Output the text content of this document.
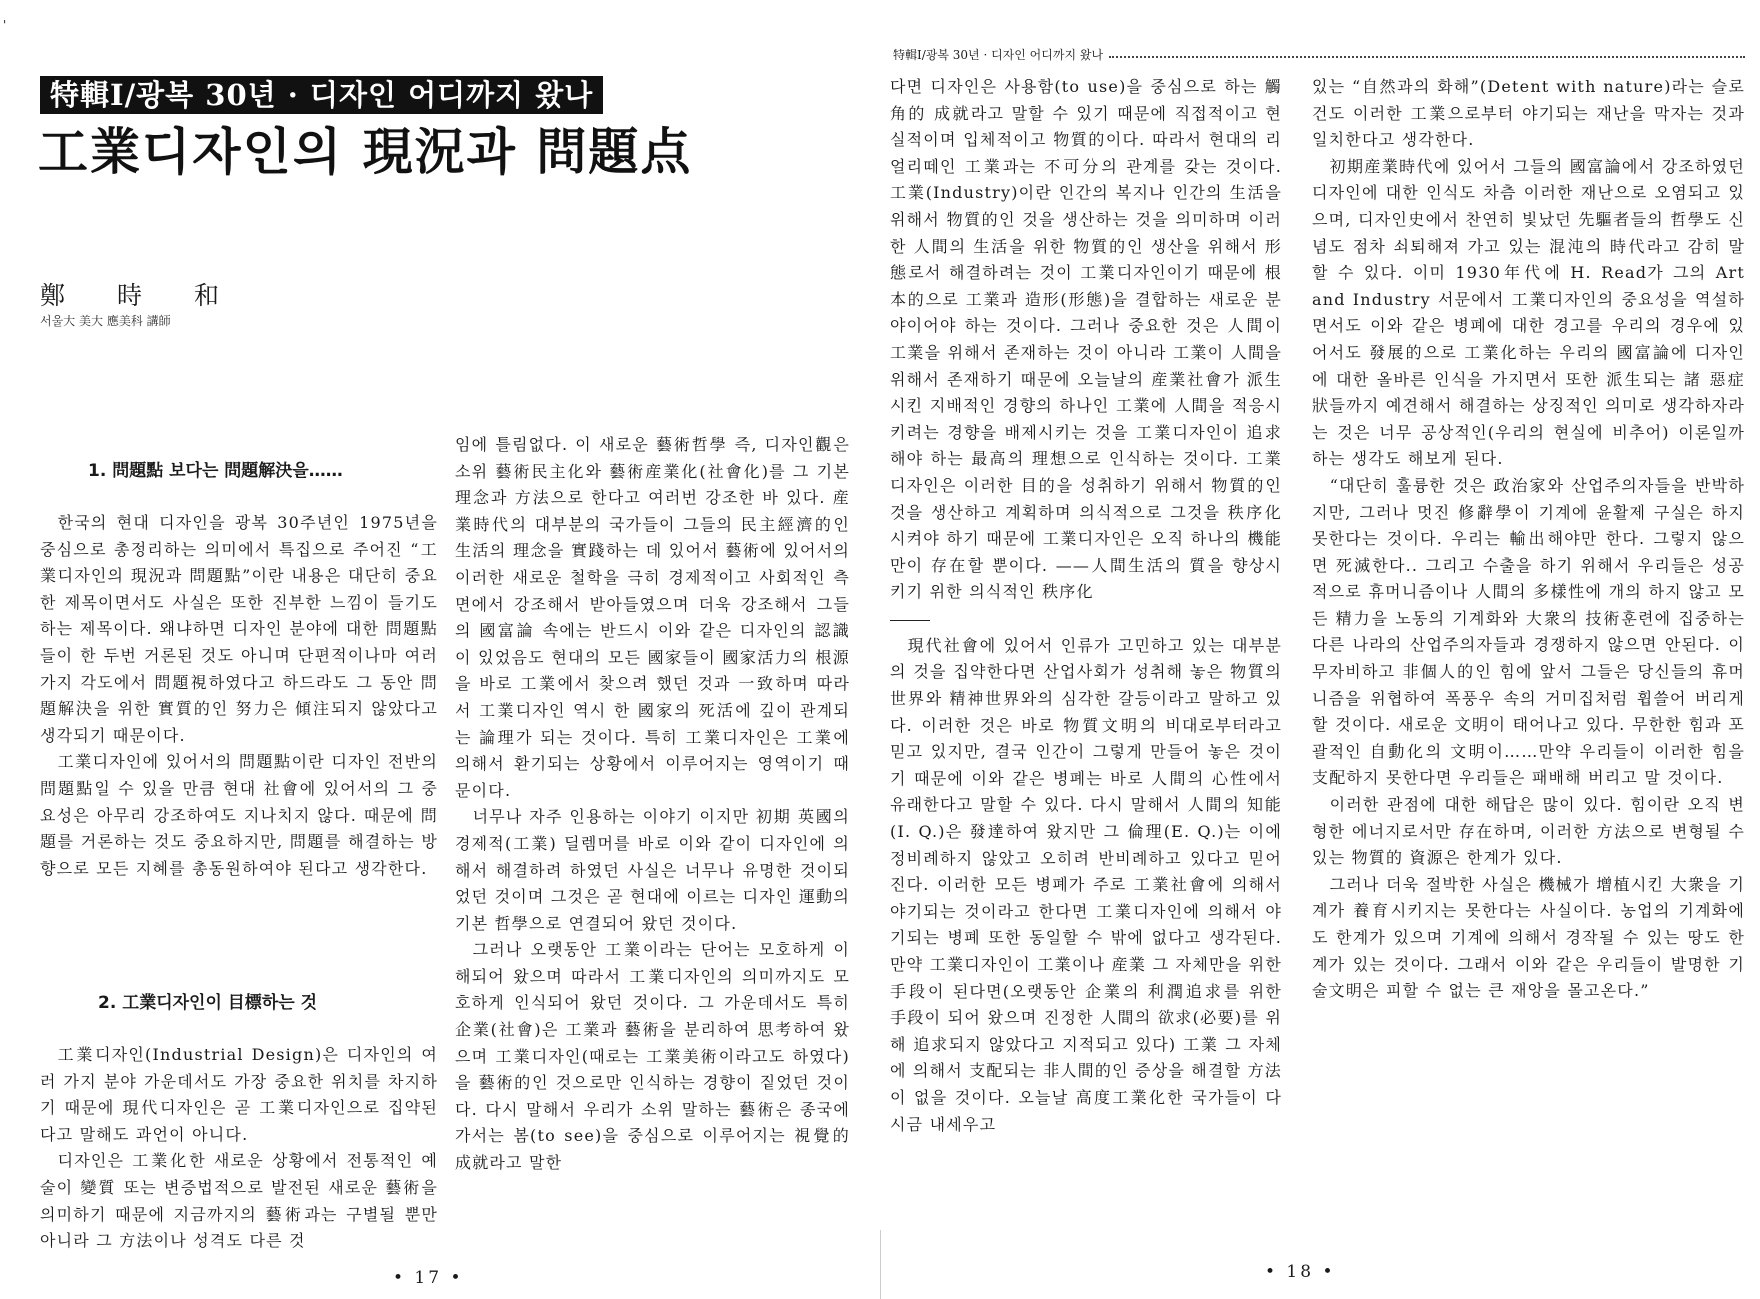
'
特輯Ⅰ/광복 30년 · 디자인 어디까지 왔나
工業디자인의 現況과 問題点
鄭 時 和
서울大 美大 應美科 講師
1. 問題點 보다는 問題解決을……

한국의 현대 디자인을 광복 30주년인 1975년을 중심으로 총정리하는 의미에서 특집으로 주어진 “工業디자인의 現況과 問題點”이란 내용은 대단히 중요한 제목이면서도 사실은 또한 진부한 느낌이 들기도 하는 제목이다. 왜냐하면 디자인 분야에 대한 問題點들이 한 두번 거론된 것도 아니며 단편적이나마 여러 가지 각도에서 問題視하였다고 하드라도 그 동안 問題解決을 위한 實質的인 努力은 傾注되지 않았다고 생각되기 때문이다.

工業디자인에 있어서의 問題點이란 디자인 전반의 問題點일 수 있을 만큼 현대 社會에 있어서의 그 중요성은 아무리 강조하여도 지나치지 않다. 때문에 問題를 거론하는 것도 중요하지만, 問題를 해결하는 방향으로 모든 지혜를 총동원하여야 된다고 생각한다.

2. 工業디자인이 目標하는 것

工業디자인(Industrial Design)은 디자인의 여러 가지 분야 가운데서도 가장 중요한 위치를 차지하기 때문에 現代디자인은 곧 工業디자인으로 집약된다고 말해도 과언이 아니다.

디자인은 工業化한 새로운 상황에서 전통적인 예술이 變質 또는 변증법적으로 발전된 새로운 藝術을 의미하기 때문에 지금까지의 藝術과는 구별될 뿐만 아니라 그 方法이나 성격도 다른 것

임에 틀림없다. 이 새로운 藝術哲學 즉, 디자인觀은 소위 藝術民主化와 藝術産業化(社會化)를 그 기본 理念과 方法으로 한다고 여러번 강조한 바 있다. 産業時代의 대부분의 국가들이 그들의 民主經濟的인 生活의 理念을 實踐하는 데 있어서 藝術에 있어서의 이러한 새로운 철학을 극히 경제적이고 사회적인 측면에서 강조해서 받아들였으며 더욱 강조해서 그들의 國富論 속에는 반드시 이와 같은 디자인의 認識이 있었음도 현대의 모든 國家들이 國家活力의 根源을 바로 工業에서 찾으려 했던 것과 一致하며 따라서 工業디자인 역시 한 國家의 死活에 깊이 관계되는 論理가 되는 것이다. 특히 工業디자인은 工業에 의해서 환기되는 상황에서 이루어지는 영역이기 때문이다.

너무나 자주 인용하는 이야기 이지만 初期 英國의 경제적(工業) 딜렘머를 바로 이와 같이 디자인에 의해서 해결하려 하였던 사실은 너무나 유명한 것이되었던 것이며 그것은 곧 현대에 이르는 디자인 運動의 기본 哲學으로 연결되어 왔던 것이다.

그러나 오랫동안 工業이라는 단어는 모호하게 이해되어 왔으며 따라서 工業디자인의 의미까지도 모호하게 인식되어 왔던 것이다. 그 가운데서도 특히 企業(社會)은 工業과 藝術을 분리하여 思考하여 왔으며 工業디자인(때로는 工業美術이라고도 하였다)을 藝術的인 것으로만 인식하는 경향이 짙었던 것이다. 다시 말해서 우리가 소위 말하는 藝術은 종국에 가서는 봄(to see)을 중심으로 이루어지는 視覺的 成就라고 말한

• 17 •
特輯Ⅰ/광복 30년 · 디자인 어디까지 왔나

다면 디자인은 사용함(to use)을 중심으로 하는 觸角的 成就라고 말할 수 있기 때문에 직접적이고 현실적이며 입체적이고 物質的이다. 따라서 현대의 리얼리떼인 工業과는 不可分의 관계를 갖는 것이다. 工業(Industry)이란 인간의 복지나 인간의 生活을 위해서 物質的인 것을 생산하는 것을 의미하며 이러한 人間의 生活을 위한 物質的인 생산을 위해서 形態로서 해결하려는 것이 工業디자인이기 때문에 根本的으로 工業과 造形(形態)을 결합하는 새로운 분야이어야 하는 것이다. 그러나 중요한 것은 人間이 工業을 위해서 존재하는 것이 아니라 工業이 人間을 위해서 존재하기 때문에 오늘날의 産業社會가 派生시킨 지배적인 경향의 하나인 工業에 人間을 적응시키려는 경향을 배제시키는 것을 工業디자인이 追求해야 하는 最高의 理想으로 인식하는 것이다. 工業디자인은 이러한 目的을 성취하기 위해서 物質的인 것을 생산하고 계획하며 의식적으로 그것을 秩序化시켜야 하기 때문에 工業디자인은 오직 하나의 機能만이 存在할 뿐이다. ——人間生活의 質을 향상시키기 위한 의식적인 秩序化

現代社會에 있어서 인류가 고민하고 있는 대부분의 것을 집약한다면 산업사회가 성취해 놓은 物質의 世界와 精神世界와의 심각한 갈등이라고 말하고 있다. 이러한 것은 바로 物質文明의 비대로부터라고 믿고 있지만, 결국 인간이 그렇게 만들어 놓은 것이기 때문에 이와 같은 병폐는 바로 人間의 心性에서 유래한다고 말할 수 있다. 다시 말해서 人間의 知能(I. Q.)은 發達하여 왔지만 그 倫理(E. Q.)는 이에 정비례하지 않았고 오히려 반비례하고 있다고 믿어진다. 이러한 모든 병폐가 주로 工業社會에 의해서 야기되는 것이라고 한다면 工業디자인에 의해서 야기되는 병폐 또한 동일할 수 밖에 없다고 생각된다. 만약 工業디자인이 工業이나 産業 그 자체만을 위한 手段이 된다면(오랫동안 企業의 利潤追求를 위한 手段이 되어 왔으며 진정한 人間의 欲求(必要)를 위해 追求되지 않았다고 지적되고 있다) 工業 그 자체에 의해서 支配되는 非人間的인 증상을 해결할 方法이 없을 것이다. 오늘날 高度工業化한 국가들이 다시금 내세우고

있는 “自然과의 화해”(Detent with nature)라는 슬로건도 이러한 工業으로부터 야기되는 재난을 막자는 것과 일치한다고 생각한다.

初期産業時代에 있어서 그들의 國富論에서 강조하였던 디자인에 대한 인식도 차츰 이러한 재난으로 오염되고 있으며, 디자인史에서 찬연히 빛났던 先驅者들의 哲學도 신념도 점차 쇠퇴해져 가고 있는 混沌의 時代라고 감히 말할 수 있다. 이미 1930年代에 H. Read가 그의 Art and Industry 서문에서 工業디자인의 중요성을 역설하면서도 이와 같은 병폐에 대한 경고를 우리의 경우에 있어서도 發展的으로 工業化하는 우리의 國富論에 디자인에 대한 올바른 인식을 가지면서 또한 派生되는 諸 惡症狀들까지 예견해서 해결하는 상징적인 의미로 생각하자라는 것은 너무 공상적인(우리의 현실에 비추어) 이론일까 하는 생각도 해보게 된다.

“대단히 훌륭한 것은 政治家와 산업주의자들을 반박하지만, 그러나 멋진 修辭學이 기계에 윤활제 구실은 하지 못한다는 것이다. 우리는 輸出해야만 한다. 그렇지 않으면 死滅한다.. 그리고 수출을 하기 위해서 우리들은 성공적으로 휴머니즘이나 人間의 多樣性에 개의 하지 않고 모든 精力을 노동의 기계화와 大衆의 技術훈련에 집중하는 다른 나라의 산업주의자들과 경쟁하지 않으면 안된다. 이 무자비하고 非個人的인 힘에 앞서 그들은 당신들의 휴머니즘을 위협하여 폭풍우 속의 거미집처럼 휩쓸어 버리게 할 것이다. 새로운 文明이 태어나고 있다. 무한한 힘과 포괄적인 自動化의 文明이……만약 우리들이 이러한 힘을 支配하지 못한다면 우리들은 패배해 버리고 말 것이다.

이러한 관점에 대한 해답은 많이 있다. 힘이란 오직 변형한 에너지로서만 存在하며, 이러한 方法으로 변형될 수 있는 物質的 資源은 한계가 있다.

그러나 더욱 절박한 사실은 機械가 增植시킨 大衆을 기계가 養育시키지는 못한다는 사실이다. 농업의 기계화에도 한계가 있으며 기계에 의해서 경작될 수 있는 땅도 한계가 있는 것이다. 그래서 이와 같은 우리들이 발명한 기술文明은 피할 수 없는 큰 재앙을 몰고온다.”

• 18 •
